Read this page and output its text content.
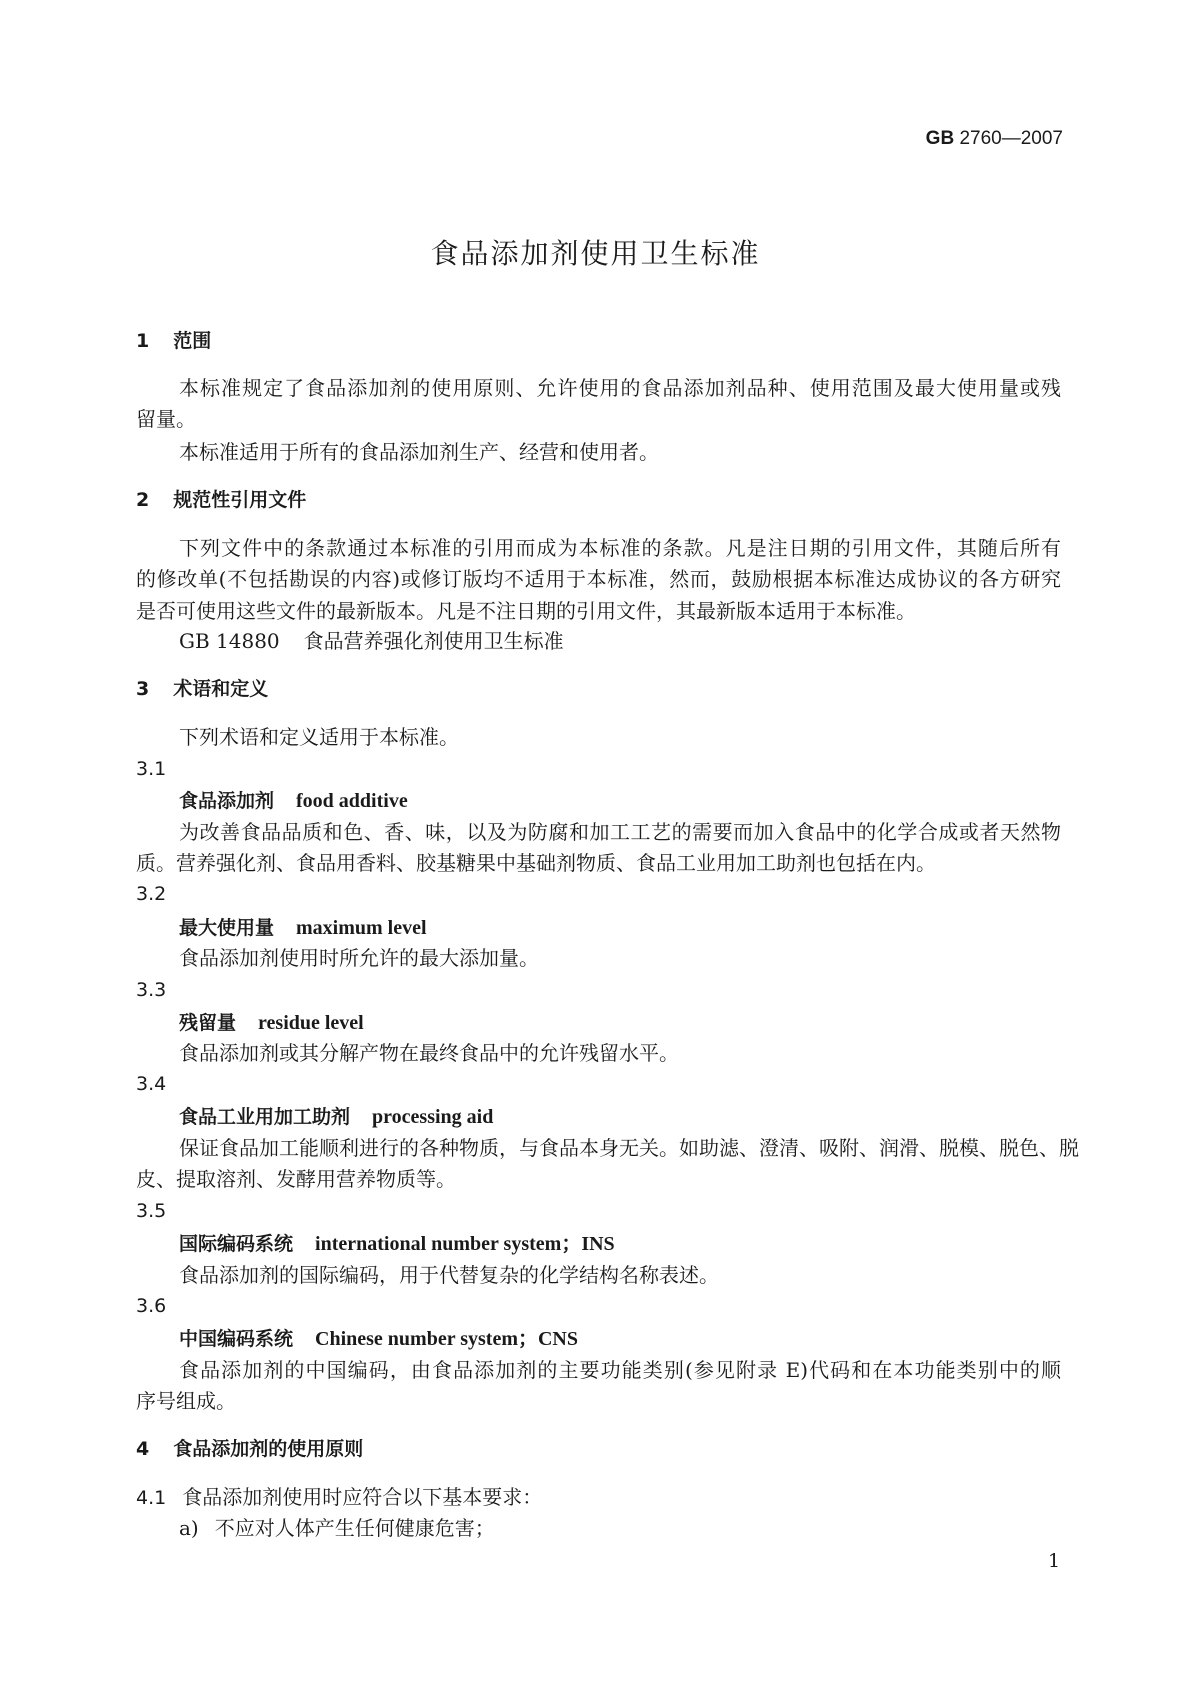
GB 2760—2007
食品添加剂使用卫生标准
1 范围
本标准规定了食品添加剂的使用原则、允许使用的食品添加剂品种、使用范围及最大使用量或残
留量。
本标准适用于所有的食品添加剂生产、经营和使用者。
2 规范性引用文件
下列文件中的条款通过本标准的引用而成为本标准的条款。凡是注日期的引用文件，其随后所有
的修改单(不包括勘误的内容)或修订版均不适用于本标准，然而，鼓励根据本标准达成协议的各方研究
是否可使用这些文件的最新版本。凡是不注日期的引用文件，其最新版本适用于本标准。
GB 14880 食品营养强化剂使用卫生标准
3 术语和定义
下列术语和定义适用于本标准。
3.1
食品添加剂 food additive
为改善食品品质和色、香、味，以及为防腐和加工工艺的需要而加入食品中的化学合成或者天然物
质。营养强化剂、食品用香料、胶基糖果中基础剂物质、食品工业用加工助剂也包括在内。
3.2
最大使用量 maximum level
食品添加剂使用时所允许的最大添加量。
3.3
残留量 residue level
食品添加剂或其分解产物在最终食品中的允许残留水平。
3.4
食品工业用加工助剂 processing aid
保证食品加工能顺利进行的各种物质，与食品本身无关。如助滤、澄清、吸附、润滑、脱模、脱色、脱
皮、提取溶剂、发酵用营养物质等。
3.5
国际编码系统 international number system；INS
食品添加剂的国际编码，用于代替复杂的化学结构名称表述。
3.6
中国编码系统 Chinese number system；CNS
食品添加剂的中国编码，由食品添加剂的主要功能类别(参见附录 E)代码和在本功能类别中的顺
序号组成。
4 食品添加剂的使用原则
4.1 食品添加剂使用时应符合以下基本要求：
a) 不应对人体产生任何健康危害；
1
